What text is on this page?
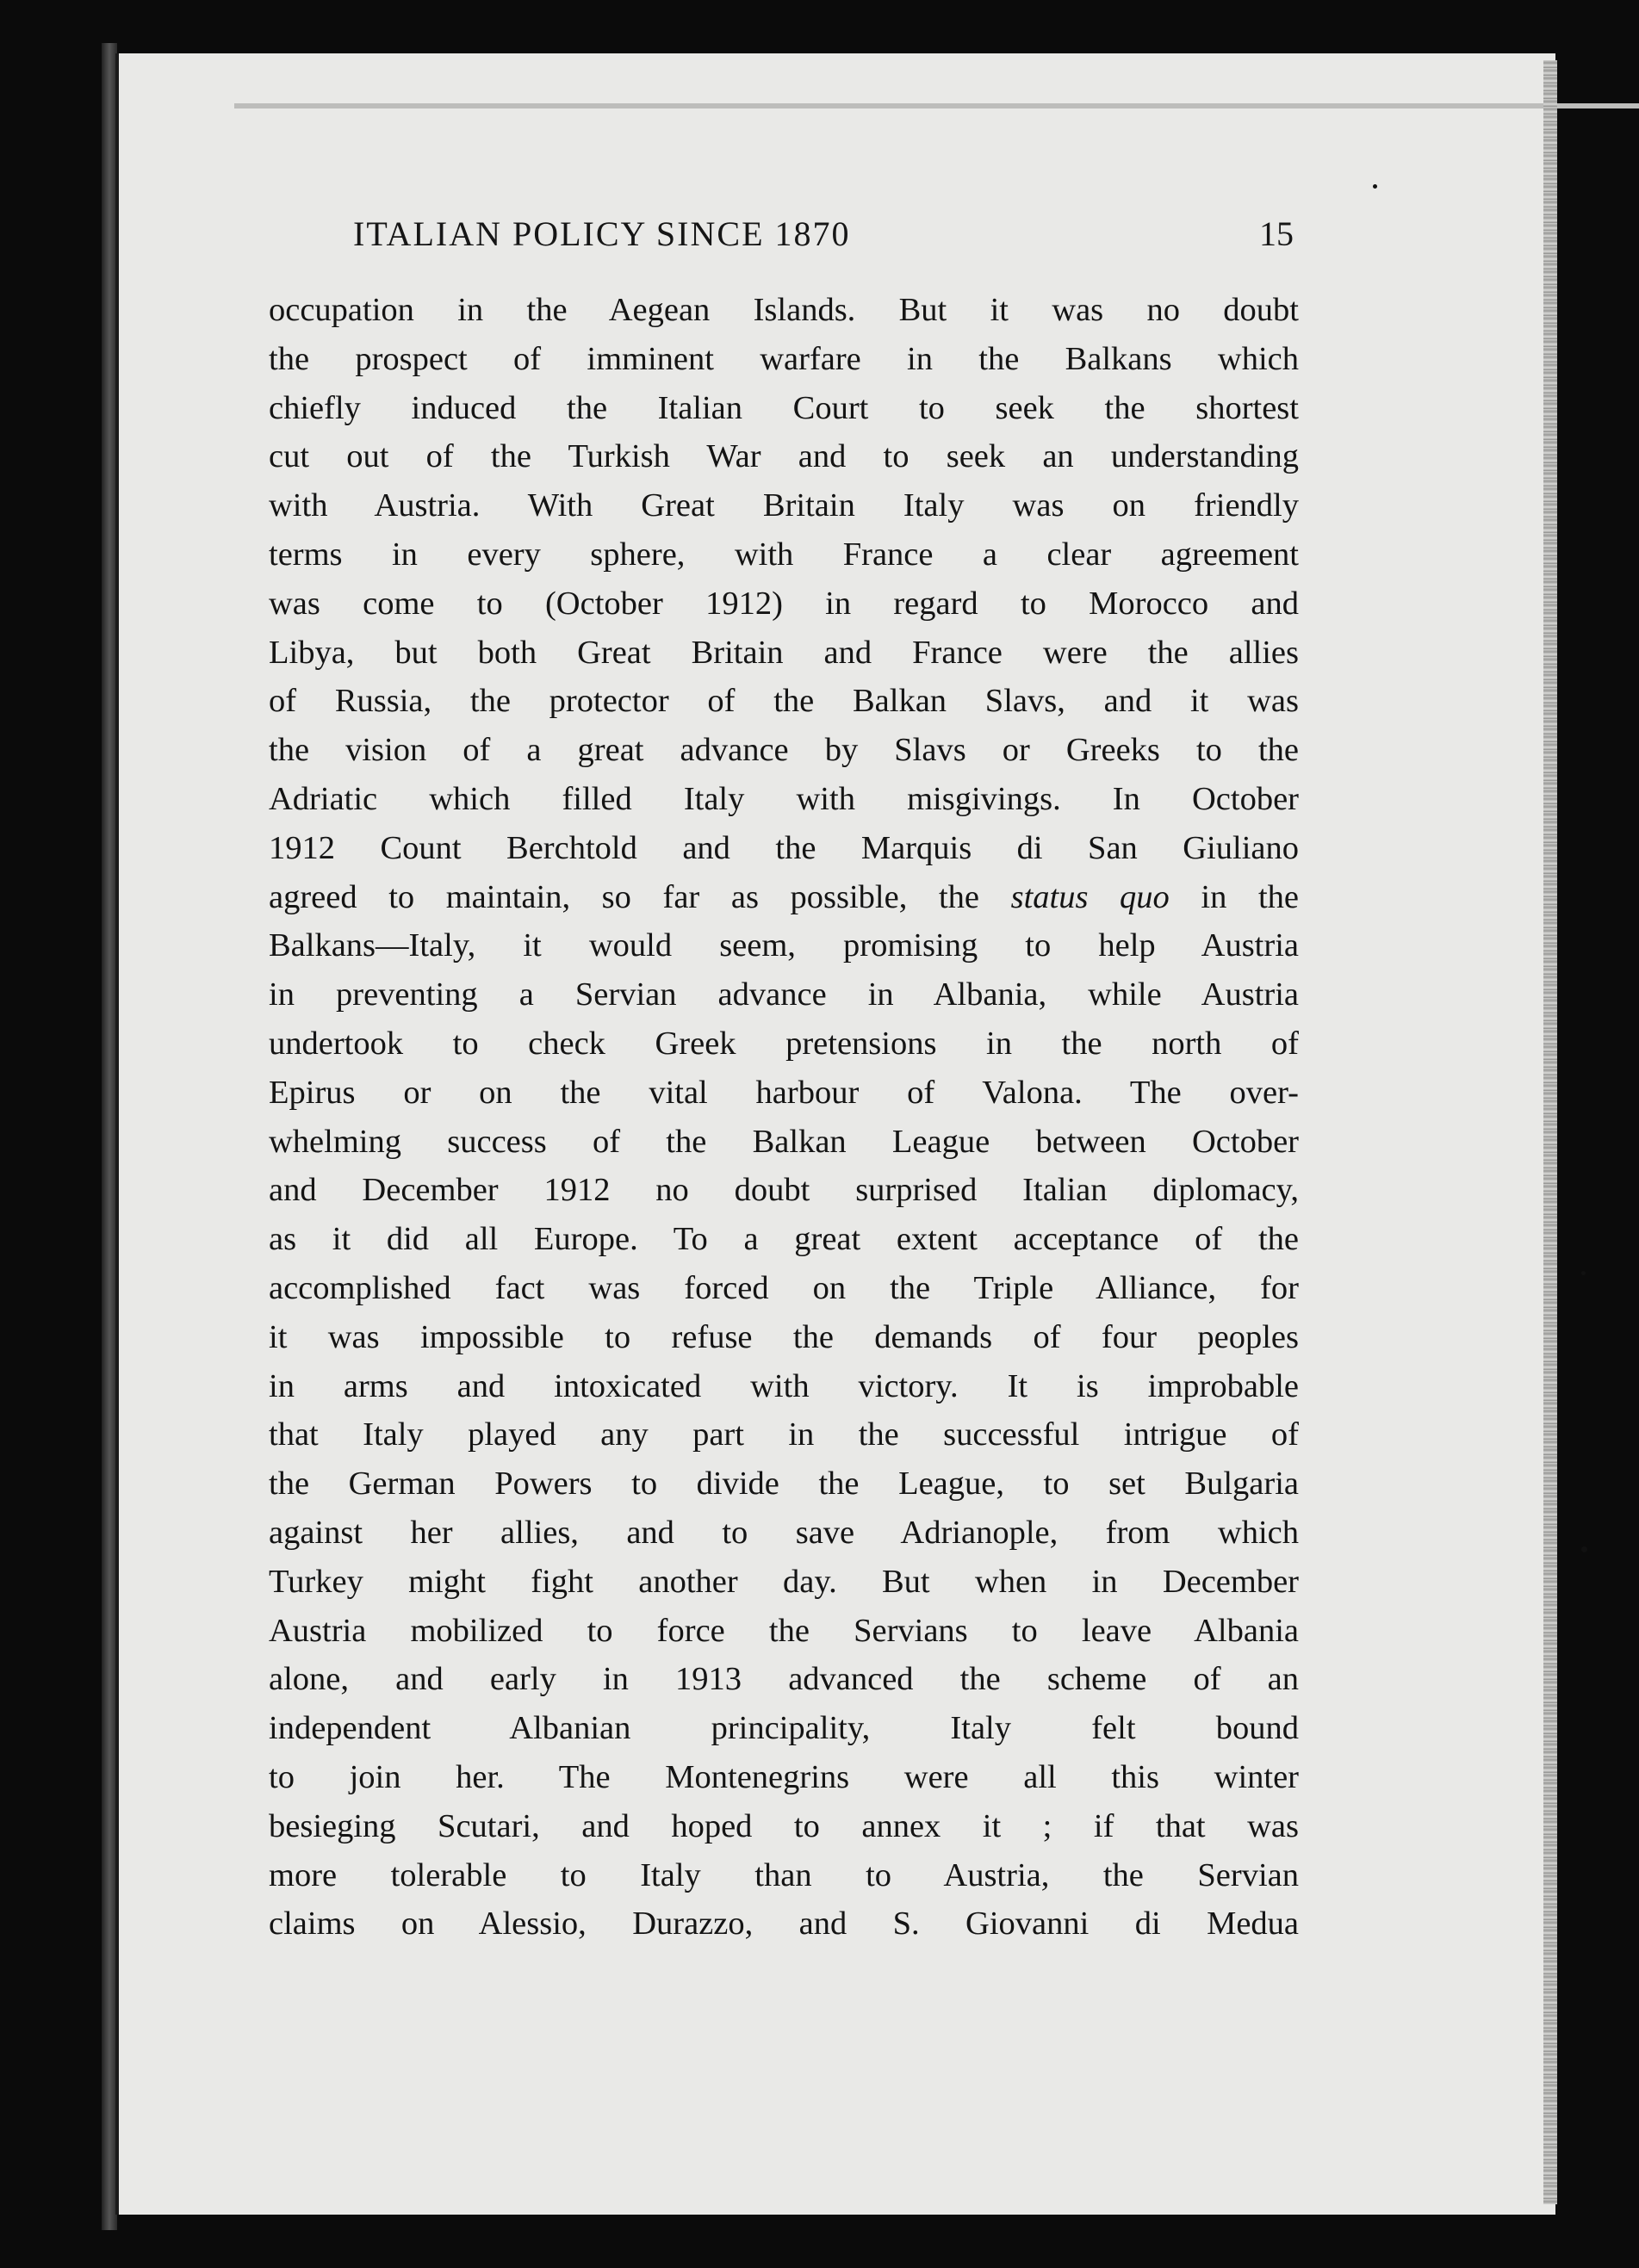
ITALIAN POLICY SINCE 1870	15
occupation in the Aegean Islands. But it was no doubt
the prospect of imminent warfare in the Balkans which
chiefly induced the Italian Court to seek the shortest
cut out of the Turkish War and to seek an understanding
with Austria. With Great Britain Italy was on friendly
terms in every sphere, with France a clear agreement
was come to (October 1912) in regard to Morocco and
Libya, but both Great Britain and France were the allies
of Russia, the protector of the Balkan Slavs, and it was
the vision of a great advance by Slavs or Greeks to the
Adriatic which filled Italy with misgivings. In October
1912 Count Berchtold and the Marquis di San Giuliano
agreed to maintain, so far as possible, the status quo in the
Balkans—Italy, it would seem, promising to help Austria
in preventing a Servian advance in Albania, while Austria
undertook to check Greek pretensions in the north of
Epirus or on the vital harbour of Valona. The over-
whelming success of the Balkan League between October
and December 1912 no doubt surprised Italian diplomacy,
as it did all Europe. To a great extent acceptance of the
accomplished fact was forced on the Triple Alliance, for
it was impossible to refuse the demands of four peoples
in arms and intoxicated with victory. It is improbable
that Italy played any part in the successful intrigue of
the German Powers to divide the League, to set Bulgaria
against her allies, and to save Adrianople, from which
Turkey might fight another day. But when in December
Austria mobilized to force the Servians to leave Albania
alone, and early in 1913 advanced the scheme of an
independent Albanian principality, Italy felt bound
to join her. The Montenegrins were all this winter
besieging Scutari, and hoped to annex it ; if that was
more tolerable to Italy than to Austria, the Servian
claims on Alessio, Durazzo, and S. Giovanni di Medua
